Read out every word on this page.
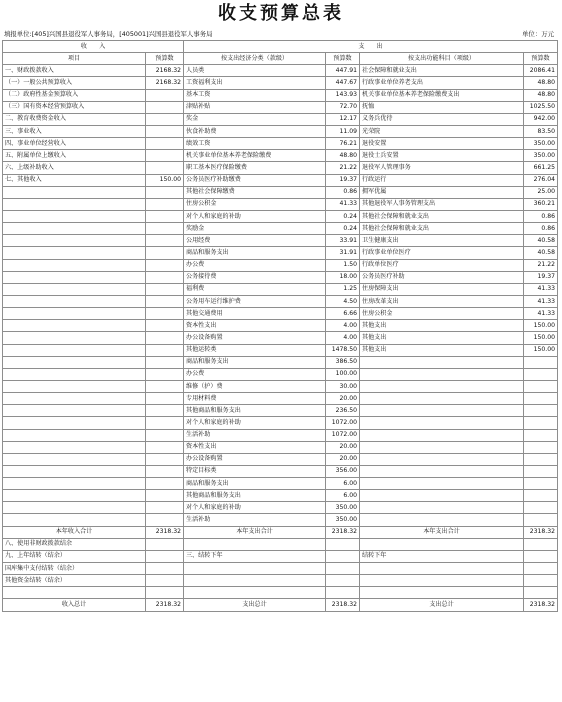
收支预算总表
填报单位:[405]兴国县退役军人事务局，[405001]兴国县退役军人事务局	单位：万元
收　　入		支　　出			
项目	预算数	按支出经济分类（款级）	预算数	按支出功能科目（项级）	预算数
一、财政拨款收入	2168.32	人员类	447.91	社会保障和就业支出	2086.41
（一）一般公共预算收入	2168.32	工资福利支出	447.67	行政事业单位养老支出	48.80
（二）政府性基金预算收入		基本工资	143.93	机关事业单位基本养老保险缴费支出	48.80
（三）国有资本经营预算收入		津贴补贴	72.70	抚恤	1025.50
二、教育收费资金收入		奖金	12.17	义务兵优待	942.00
三、事业收入		伙食补助费	11.09	光荣院	83.50
四、事业单位经营收入		绩效工资	76.21	退役安置	350.00
五、附属单位上缴收入		机关事业单位基本养老保险缴费	48.80	退役士兵安置	350.00
六、上级补助收入		职工基本医疗保险缴费	21.22	退役军人管理事务	661.25
七、其他收入	150.00	公务员医疗补助缴费	19.37	行政运行	276.04
		其他社会保障缴费	0.86	拥军优属	25.00
		住房公积金	41.33	其他退役军人事务管理支出	360.21
		对个人和家庭的补助	0.24	其他社会保障和就业支出	0.86
		奖励金	0.24	其他社会保障和就业支出	0.86
		公用经费	33.91	卫生健康支出	40.58
		商品和服务支出	31.91	行政事业单位医疗	40.58
		办公费	1.50	行政单位医疗	21.22
		公务接待费	18.00	公务员医疗补助	19.37
		福利费	1.25	住房保障支出	41.33
		公务用车运行维护费	4.50	住房改革支出	41.33
		其他交通费用	6.66	住房公积金	41.33
		资本性支出	4.00	其他支出	150.00
		办公设备购置	4.00	其他支出	150.00
		其他运转类	1478.50	其他支出	150.00
		商品和服务支出	386.50		
		办公费	100.00		
		维修（护）费	30.00		
		专用材料费	20.00		
		其他商品和服务支出	236.50		
		对个人和家庭的补助	1072.00		
		生活补助	1072.00		
		资本性支出	20.00		
		办公设备购置	20.00		
		特定目标类	356.00		
		商品和服务支出	6.00		
		其他商品和服务支出	6.00		
		对个人和家庭的补助	350.00		
		生活补助	350.00		
本年收入合计	2318.32	本年支出合计	2318.32	本年支出合计	2318.32
八、使用非财政拨款结余					
九、上年结转（结余）		三、结转下年		结转下年	
国库集中支付结转（结余）					
其他资金结转（结余）					

收入总计	2318.32	支出总计	2318.32	支出总计	2318.32
